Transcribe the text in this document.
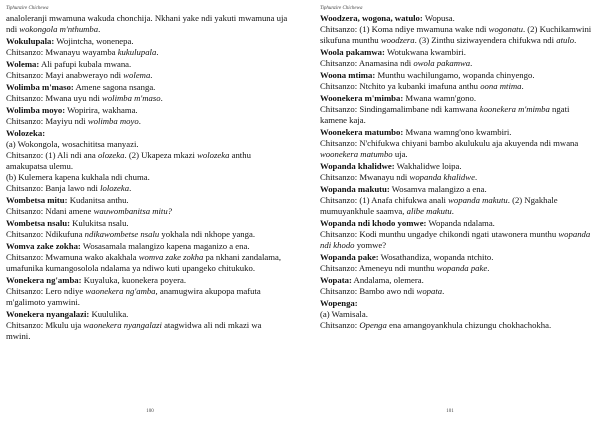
Tiphunzire Chichewa

analoleranji mwamuna wakuda chonchija. Nkhani yake ndi yakuti mwamuna uja ndi wokongola m'nthumba.

Wokulupala: Wojintcha, wonenepa.

Chitsanzo: Mwanayu wayamba kukulupala.

Wolema: Ali pafupi kubala mwana.

Chitsanzo: Mayi anabwerayo ndi wolema.

Wolimba m'maso: Amene sagona nsanga.

Chitsanzo: Mwana uyu ndi wolimba m'maso.

Wolimba moyo: Wopirira, wakhama.

Chitsanzo: Mayiyu ndi wolimba moyo.

Wolozeka:

(a) Wokongola, wosachititsa manyazi.

Chitsanzo: (1) Ali ndi ana olozeka. (2) Ukapeza mkazi wolozeka anthu amakupatsa ulemu.

(b) Kulemera kapena kukhala ndi chuma.

Chitsanzo: Banja lawo ndi lolozeka.

Wombetsa mitu: Kudanitsa anthu.

Chitsanzo: Ndani amene wauwombanitsa mitu?

Wombetsa nsalu: Kulukitsa nsalu.

Chitsanzo: Ndikufuna ndikawombetse nsalu yokhala ndi nkhope yanga.

Womva zake zokha: Wosasamala malangizo kapena maganizo a ena.

Chitsanzo: Mwamuna wako akakhala womva zake zokha pa nkhani zandalama, umafunika kumangosolola ndalama ya ndiwo kuti upangeko chitukuko.

Wonekera ng'amba: Kuyaluka, kuonekera poyera.

Chitsanzo: Lero ndiye waonekera ng'amba, anamugwira akupopa mafuta m'galimoto yamwini.

Wonekera nyangalazi: Kuululika.

Chitsanzo: Mkulu uja waonekera nyangalazi atagwidwa ali ndi mkazi wa mwini.

100
Tiphunzire Chichewa

Woodzera, wogona, watulo: Wopusa.

Chitsanzo: (1) Koma ndiye mwamuna wake ndi wogonatu. (2) Kuchikamwini sikufuna munthu woodzera. (3) Zinthu siziwayendera chifukwa ndi atulo.

Woola pakamwa: Wotukwana kwambiri.

Chitsanzo: Anamasina ndi owola pakamwa.

Woona mtima: Munthu wachilungamo, wopanda chinyengo.

Chitsanzo: Ntchito ya kubanki imafuna anthu oona mtima.

Woonekera m'mimba: Mwana wamn'gono.

Chitsanzo: Sindingamalimbane ndi kamwana koonekera m'mimba ngati kamene kaja.

Woonekera matumbo: Mwana wamng'ono kwambiri.

Chitsanzo: N'chifukwa chiyani bambo akulukulu aja akuyenda ndi mwana woonekera matumbo uja.

Wopanda khalidwe: Wakhalidwe loipa.

Chitsanzo: Mwanayu ndi wopanda khalidwe.

Wopanda makutu: Wosamva malangizo a ena.

Chitsanzo: (1) Anafa chifukwa anali wopanda makutu. (2) Ngakhale mumuyankhule saamva, alibe makutu.

Wopanda ndi khodo yomwe: Wopanda ndalama.

Chitsanzo: Kodi munthu ungadye chikondi ngati utawonera munthu wopanda ndi khodo yomwe?

Wopanda pake: Wosathandiza, wopanda ntchito.

Chitsanzo: Ameneyu ndi munthu wopanda pake.

Wopata: Andalama, olemera.

Chitsanzo: Bambo awo ndi wopata.

Wopenga:

(a) Wamisala.

Chitsanzo: Openga ena amangoyankhula chizungu chokhachokha.

101
